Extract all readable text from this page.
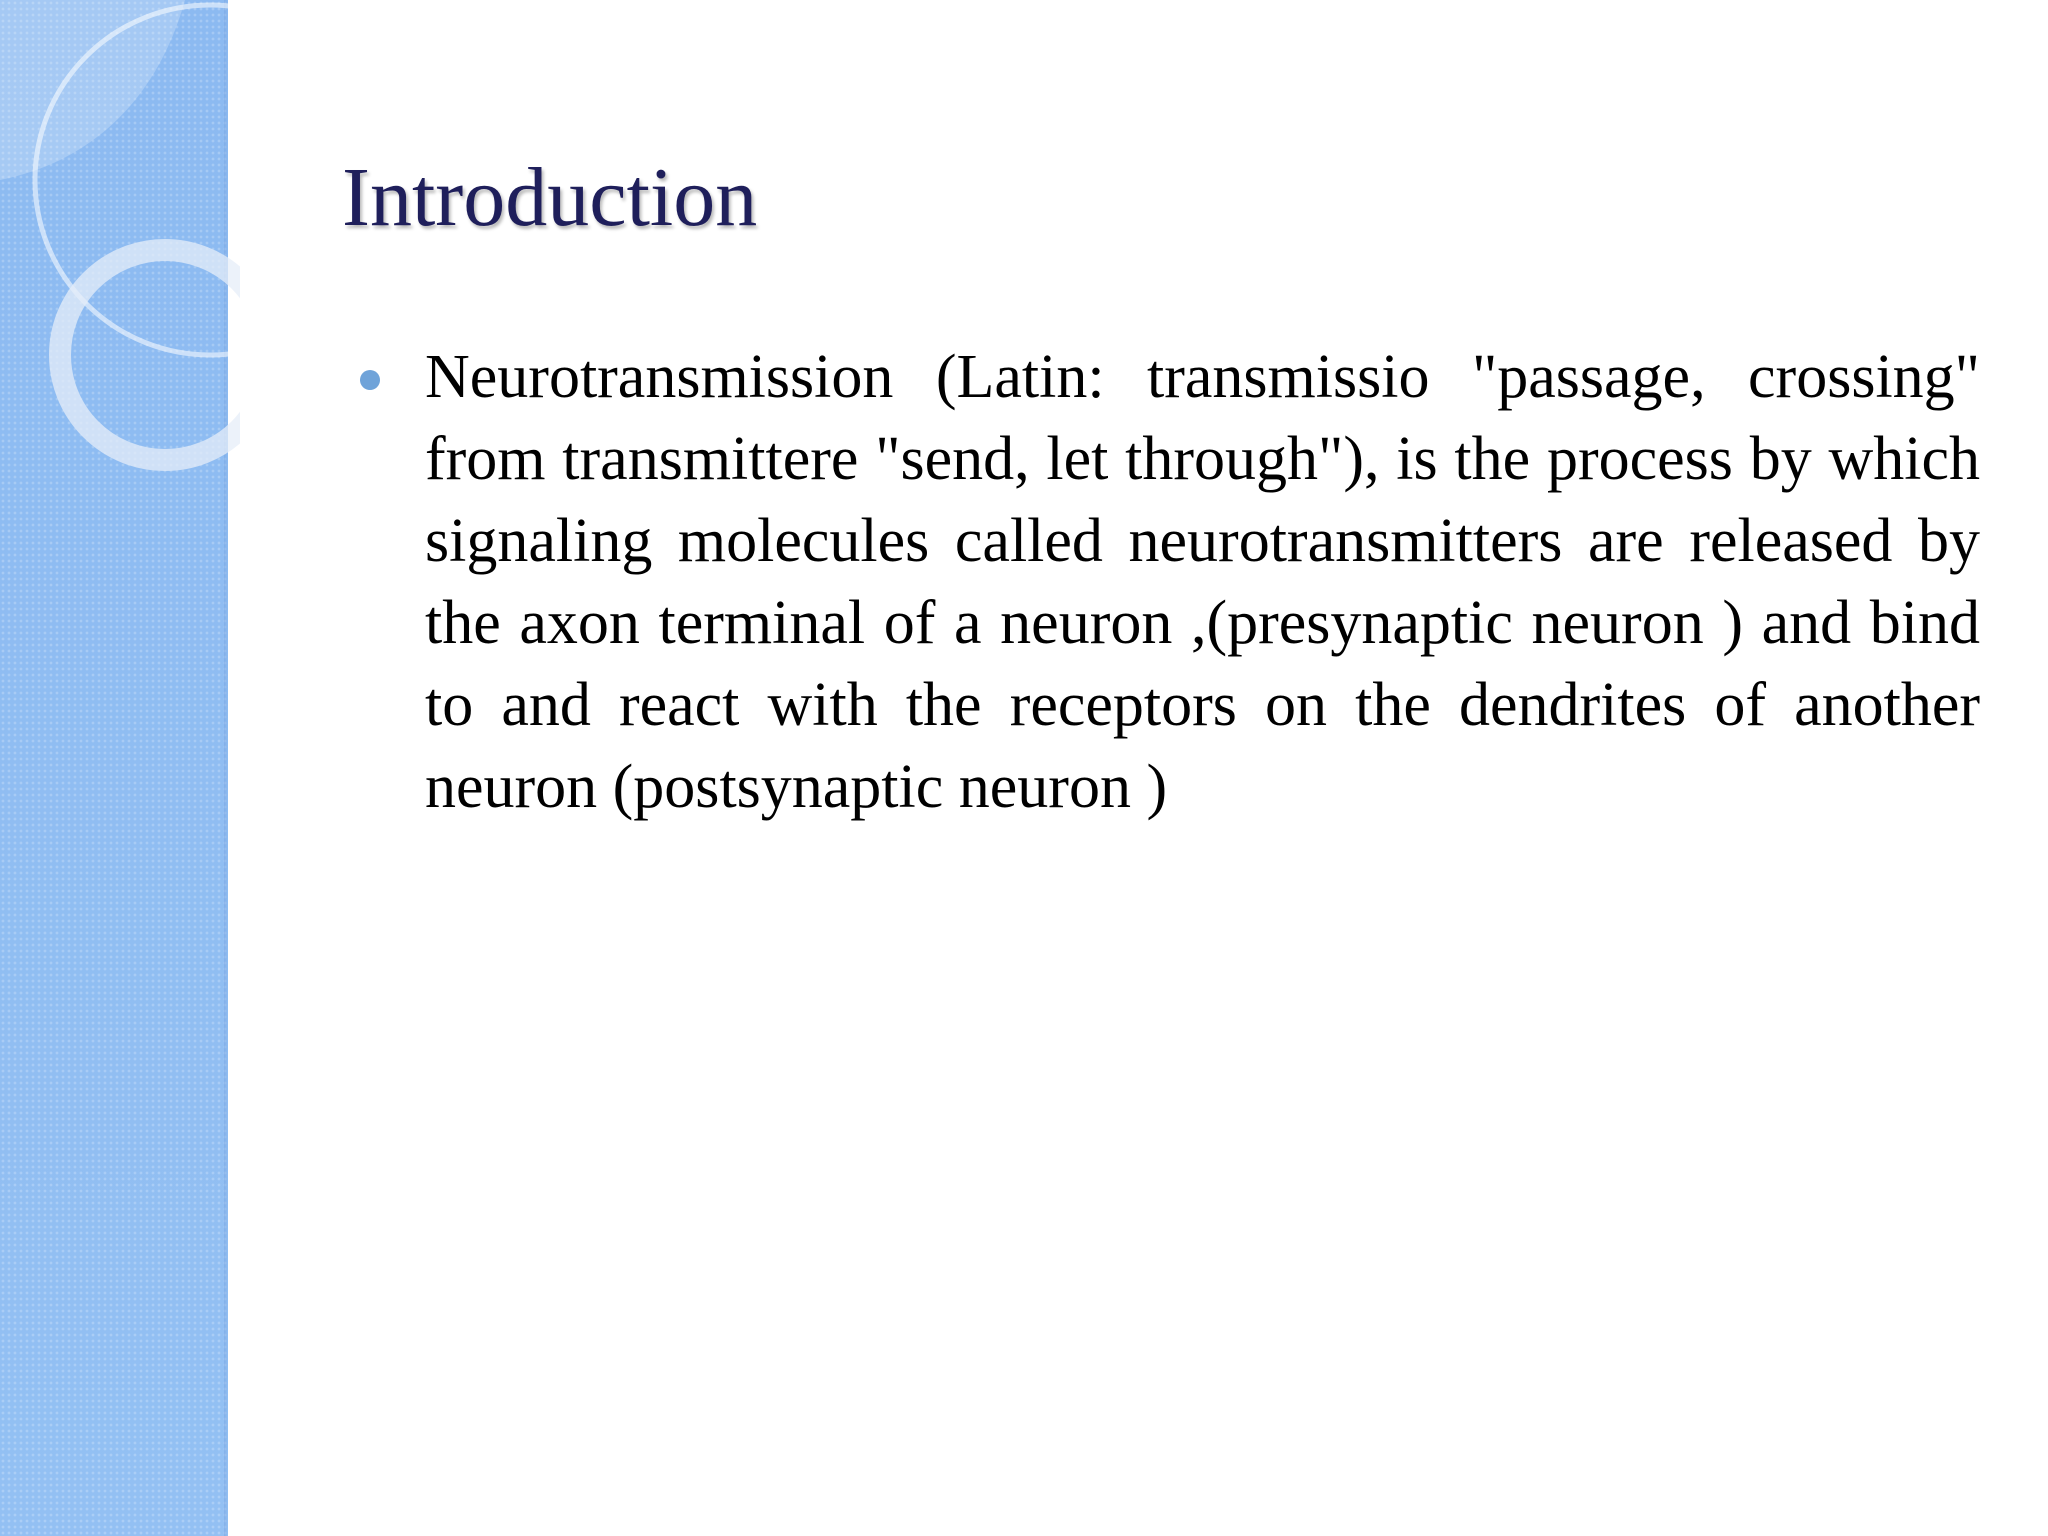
Introduction

Neurotransmission (Latin: transmissio "passage, crossing" from transmittere "send, let through"), is the process by which signaling molecules called neurotransmitters are released by the axon terminal of a neuron ,(presynaptic neuron ) and bind to and react with the receptors on the dendrites of another neuron (postsynaptic neuron )
